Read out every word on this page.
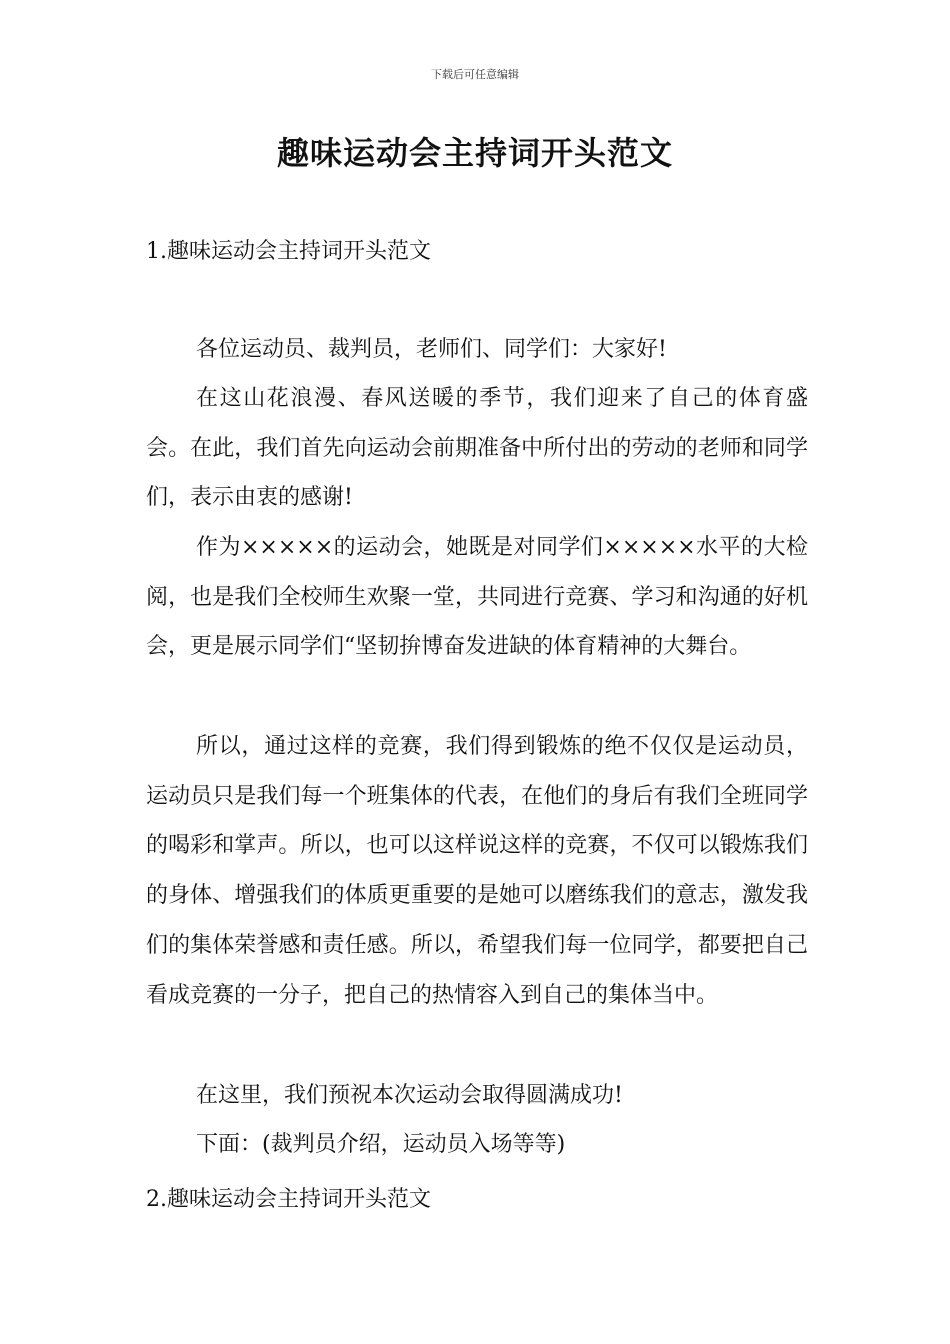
下载后可任意编辑
趣味运动会主持词开头范文
1.趣味运动会主持词开头范文

各位运动员、裁判员，老师们、同学们：大家好!

在这山花浪漫、春风送暖的季节，我们迎来了自己的体育盛会。在此，我们首先向运动会前期准备中所付出的劳动的老师和同学们，表示由衷的感谢!

作为×××××的运动会，她既是对同学们×××××水平的大检阅，也是我们全校师生欢聚一堂，共同进行竞赛、学习和沟通的好机会，更是展示同学们“坚韧拚博奋发进缺的体育精神的大舞台。

所以，通过这样的竞赛，我们得到锻炼的绝不仅仅是运动员，运动员只是我们每一个班集体的代表，在他们的身后有我们全班同学的喝彩和掌声。所以，也可以这样说这样的竞赛，不仅可以锻炼我们的身体、增强我们的体质更重要的是她可以磨练我们的意志，激发我们的集体荣誉感和责任感。所以，希望我们每一位同学，都要把自己看成竞赛的一分子，把自己的热情容入到自己的集体当中。

在这里，我们预祝本次运动会取得圆满成功!

下面：(裁判员介绍，运动员入场等等)

2.趣味运动会主持词开头范文
